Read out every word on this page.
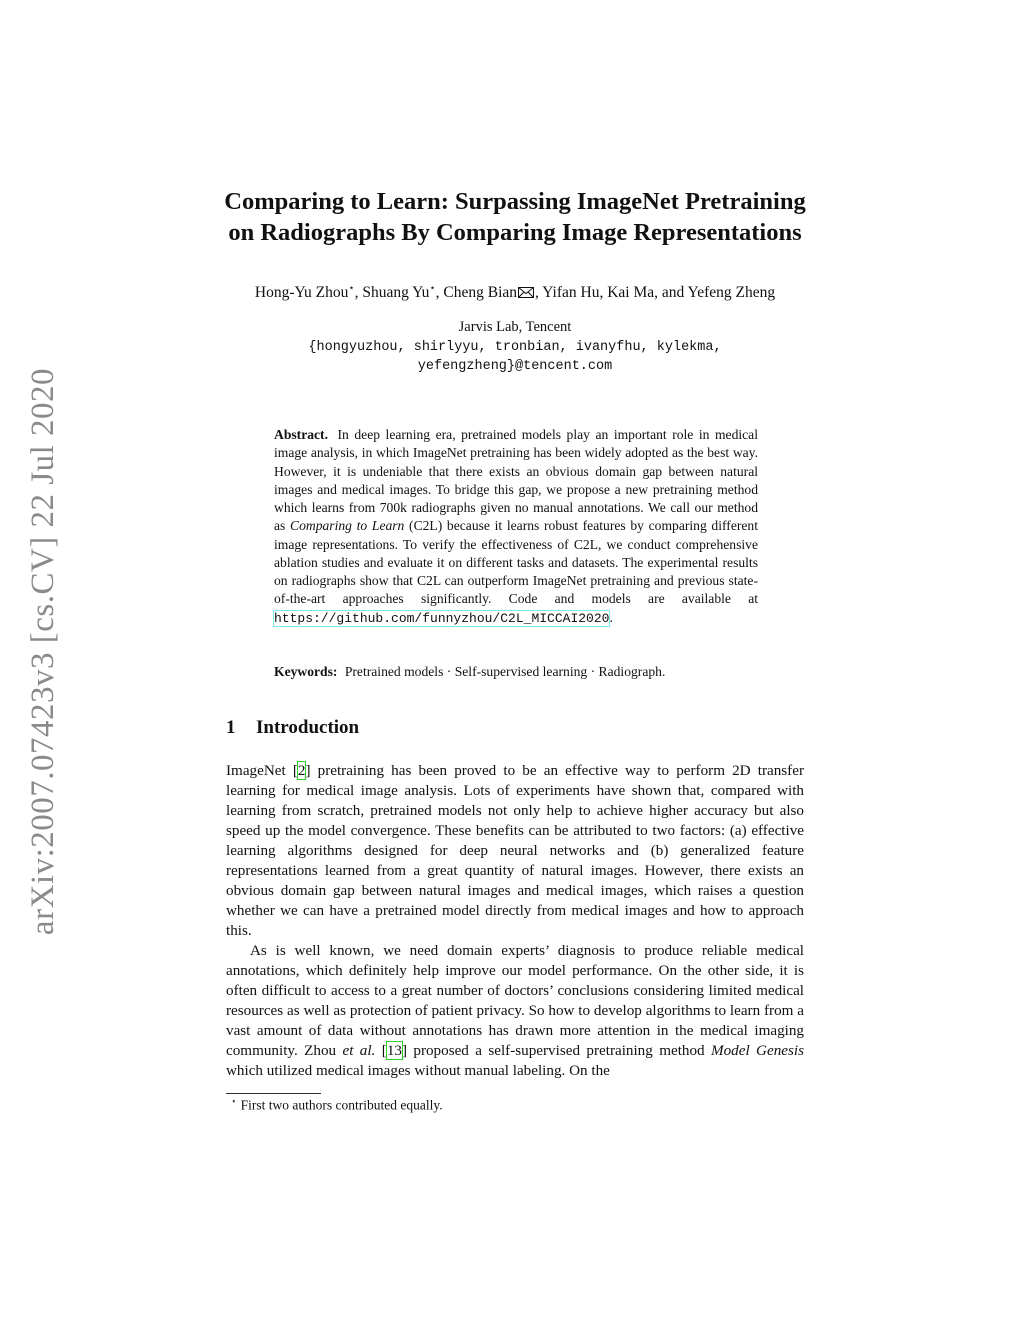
arXiv:2007.07423v3 [cs.CV] 22 Jul 2020
Comparing to Learn: Surpassing ImageNet Pretraining
on Radiographs By Comparing Image Representations
Hong-Yu Zhou⋆, Shuang Yu⋆, Cheng Bian , Yifan Hu, Kai Ma, and Yefeng Zheng
Jarvis Lab, Tencent
{hongyuzhou, shirlyyu, tronbian, ivanyfhu, kylekma,
yefengzheng}@tencent.com
Abstract. In deep learning era, pretrained models play an important role in medical image analysis, in which ImageNet pretraining has been widely adopted as the best way. However, it is undeniable that there exists an obvious domain gap between natural images and medical images. To bridge this gap, we propose a new pretraining method which learns from 700k radiographs given no manual annotations. We call our method as Comparing to Learn (C2L) because it learns robust features by comparing different image representations. To verify the effectiveness of C2L, we conduct comprehensive ablation studies and evaluate it on different tasks and datasets. The experimental results on radiographs show that C2L can outperform ImageNet pretraining and previous state-of-the-art approaches significantly. Code and models are available at https://github.com/funnyzhou/C2L_MICCAI2020.
Keywords: Pretrained models · Self-supervised learning · Radiograph.
1 Introduction

ImageNet [2] pretraining has been proved to be an effective way to perform 2D transfer learning for medical image analysis. Lots of experiments have shown that, compared with learning from scratch, pretrained models not only help to achieve higher accuracy but also speed up the model convergence. These benefits can be attributed to two factors: (a) effective learning algorithms designed for deep neural networks and (b) generalized feature representations learned from a great quantity of natural images. However, there exists an obvious domain gap between natural images and medical images, which raises a question whether we can have a pretrained model directly from medical images and how to approach this.

As is well known, we need domain experts’ diagnosis to produce reliable medical annotations, which definitely help improve our model performance. On the other side, it is often difficult to access to a great number of doctors’ conclusions considering limited medical resources as well as protection of patient privacy. So how to develop algorithms to learn from a vast amount of data without annotations has drawn more attention in the medical imaging community. Zhou et al. [13] proposed a self-supervised pretraining method Model Genesis which utilized medical images without manual labeling. On the

⋆ First two authors contributed equally.
